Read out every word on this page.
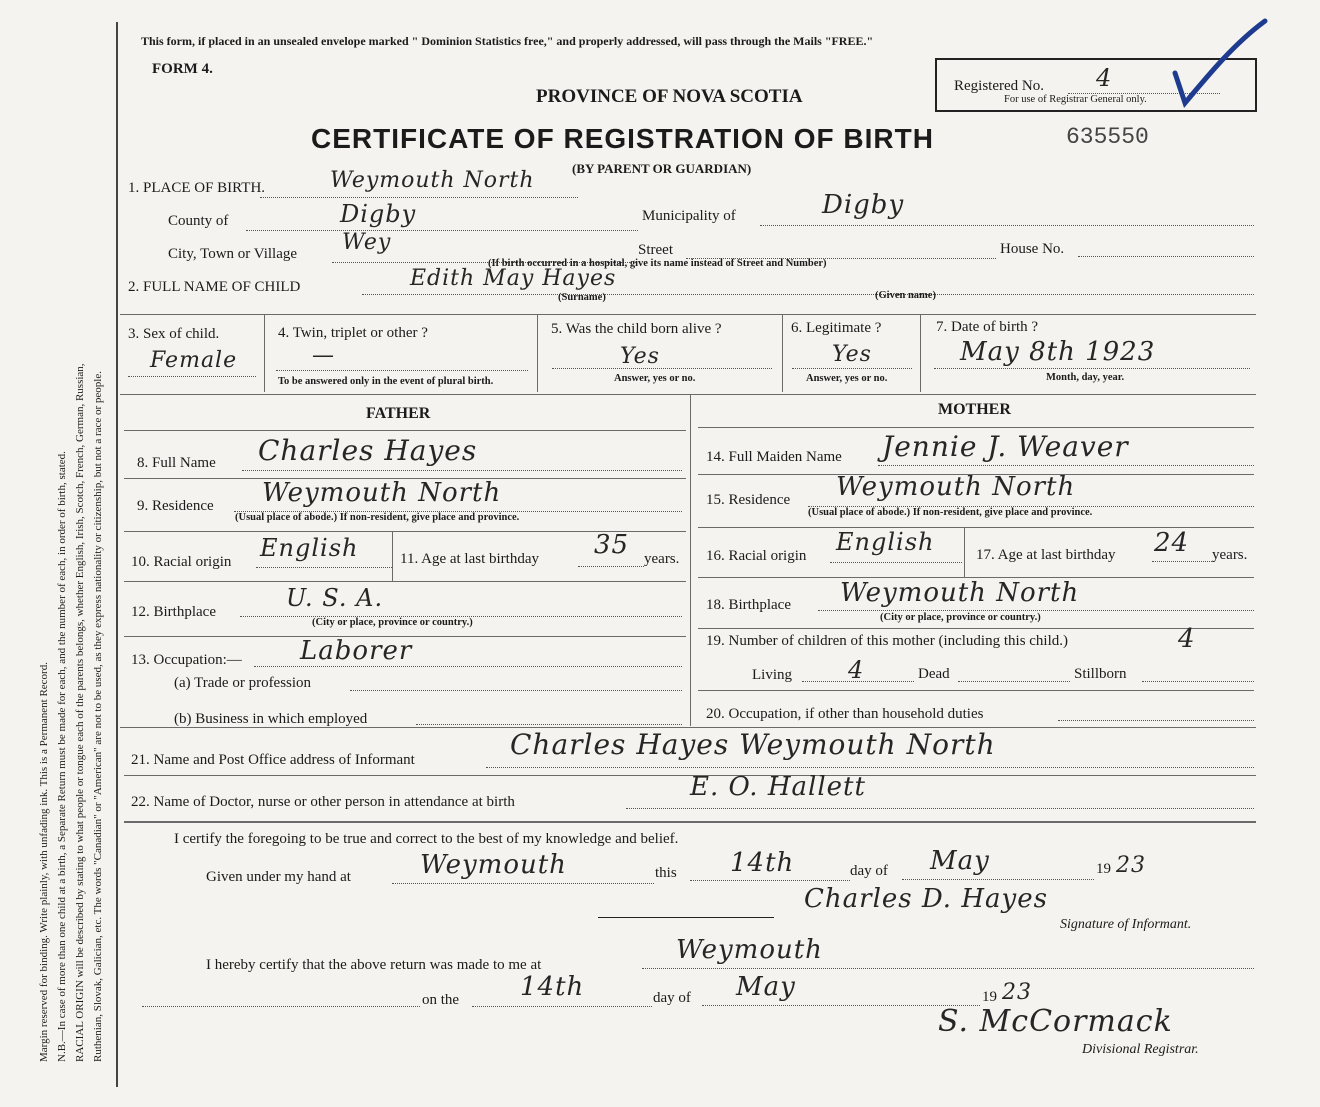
Margin reserved for binding. Write plainly, with unfading ink. This is a Permanent Record. N.B.—In case of more than one child at a birth, a Separate Return must be made for each, and the number of each, in order of birth, stated. RACIAL ORIGIN will be described by stating to what people or tongue each of the parents belongs, whether English, Irish, Scotch, French, German, Russian, Ruthenian, Slovak, Galician, etc. The words "Canadian" or "American" are not to be used, as they express nationality or citizenship, but not a race or people.
This form, if placed in an unsealed envelope marked " Dominion Statistics free," and properly addressed, will pass through the Mails "FREE."
FORM 4.
PROVINCE OF NOVA SCOTIA
CERTIFICATE OF REGISTRATION OF BIRTH
(BY PARENT OR GUARDIAN)
635550
Registered No. 4
For use of Registrar General only.
1. PLACE OF BIRTH.	Weymouth North
County of	Digby	Municipality of	Digby
City, Town or Village Wey	Street	House No.
(If birth occurred in a hospital, give its name instead of Street and Number)
2. FULL NAME OF CHILD	Edith May Hayes
(Surname)	(Given name)
3. Sex of child.
Female
4. Twin, triplet or other ?
—
To be answered only in the event of plural birth.
5. Was the child born alive ?
Yes
Answer, yes or no.
6. Legitimate ?
Yes
Answer, yes or no.
7. Date of birth ?
May 8th 1923
Month, day, year.
FATHER	MOTHER
8. Full Name Charles Hayes
9. Residence Weymouth North
(Usual place of abode.) If non-resident, give place and province.
10. Racial origin English	11. Age at last birthday 35 years.
12. Birthplace	U. S. A.
(City or place, province or country.)
13. Occupation:— Laborer
(a) Trade or profession
(b) Business in which employed
14. Full Maiden Name Jennie J. Weaver
15. Residence Weymouth North
(Usual place of abode.) If non-resident, give place and province.
16. Racial origin English	17. Age at last birthday 24 years.
18. Birthplace Weymouth North
(City or place, province or country.)
19. Number of children of this mother (including this child.)	4
Living 4	Dead	Stillborn
20. Occupation, if other than household duties
21. Name and Post Office address of Informant	Charles Hayes Weymouth North
22. Name of Doctor, nurse or other person in attendance at birth	E. O. Hallett
I certify the foregoing to be true and correct to the best of my knowledge and belief.
Given under my hand at	Weymouth	this 14th	day of May	19 23
Charles D. Hayes
Signature of Informant.
I hereby certify that the above return was made to me at	Weymouth
on the 14th	day of May	19 23
S. McCormack
Divisional Registrar.
